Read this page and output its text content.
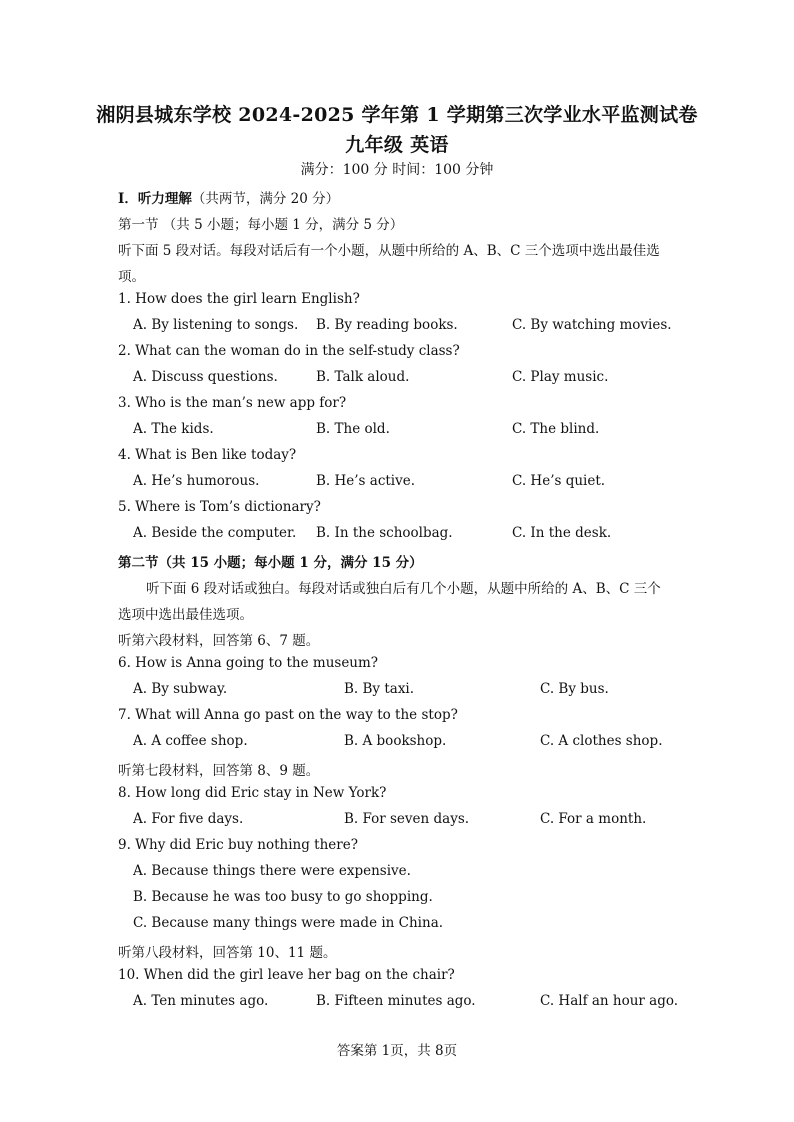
湘阴县城东学校 2024-2025 学年第 1 学期第三次学业水平监测试卷
九年级 英语
满分：100 分 时间：100 分钟
I．听力理解（共两节，满分 20 分）
第一节 （共 5 小题；每小题 1 分，满分 5 分）
听下面 5 段对话。每段对话后有一个小题，从题中所给的 A、B、C 三个选项中选出最佳选
项。
1. How does the girl learn English?
A. By listening to songs. B. By reading books.	C. By watching movies.
2. What can the woman do in the self-study class?
A. Discuss questions.	B. Talk aloud.	C. Play music.
3. Who is the man’s new app for?
A. The kids.	B. The old.	C. The blind.
4. What is Ben like today?
A. He’s humorous.	B. He’s active.	C. He’s quiet.
5. Where is Tom’s dictionary?
A. Beside the computer. B. In the schoolbag.	C. In the desk.
第二节（共 15 小题；每小题 1 分，满分 15 分）
听下面 6 段对话或独白。每段对话或独白后有几个小题，从题中所给的 A、B、C 三个
选项中选出最佳选项。
听第六段材料，回答第 6、7 题。
6. How is Anna going to the museum?
A. By subway.	B. By taxi.	C. By bus.
7. What will Anna go past on the way to the stop?
A. A coffee shop.	B. A bookshop.	C. A clothes shop.
听第七段材料，回答第 8、9 题。
8. How long did Eric stay in New York?
A. For five days.	B. For seven days.	C. For a month.
9. Why did Eric buy nothing there?
A. Because things there were expensive.
B. Because he was too busy to go shopping.
C. Because many things were made in China.
听第八段材料，回答第 10、11 题。
10. When did the girl leave her bag on the chair?
A. Ten minutes ago.	B. Fifteen minutes ago.	C. Half an hour ago.
答案第 1页，共 8页
